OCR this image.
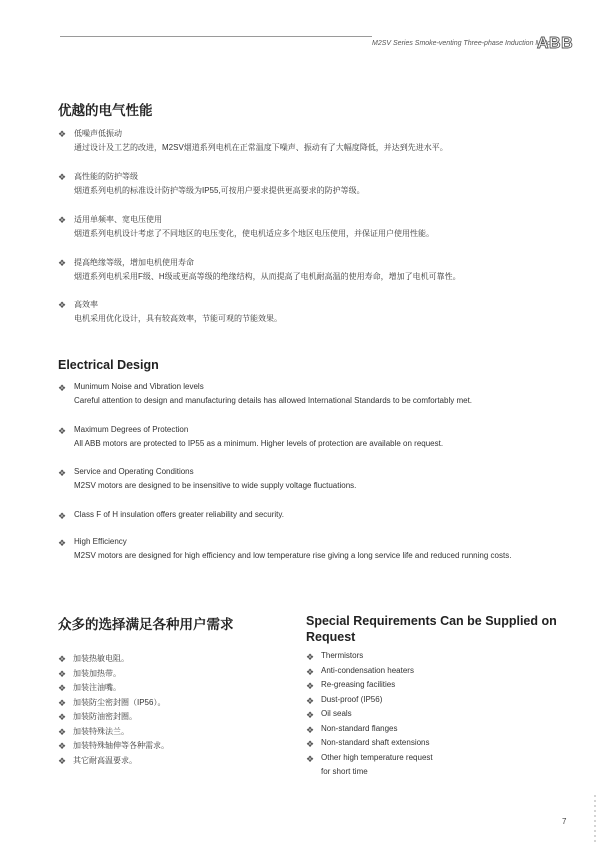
M2SV Series Smoke-venting Three-phase Induction Motors
ABB
优越的电气性能
❖ 低噪声低振动
通过设计及工艺的改进，M2SV烟道系列电机在正常温度下噪声、振动有了大幅度降低，并达到先进水平。
❖ 高性能的防护等级
烟道系列电机的标准设计防护等级为IP55,可按用户要求提供更高要求的防护等级。
❖ 适用单频率、宽电压使用
烟道系列电机设计考虑了不同地区的电压变化，使电机适应多个地区电压使用，并保证用户使用性能。
❖ 提高绝缘等级，增加电机使用寿命
烟道系列电机采用F级、H级或更高等级的绝缘结构，从而提高了电机耐高温的使用寿命，增加了电机可靠性。
❖ 高效率
电机采用优化设计，具有较高效率，节能可观的节能效果。
Electrical Design
❖ Munimum Noise and Vibration levels
Careful attention to design and manufacturing details has allowed International Standards to be comfortably met.
❖ Maximum Degrees of Protection
All ABB motors are protected to IP55 as a minimum. Higher levels of protection are available on request.
❖ Service and Operating Conditions
M2SV motors are designed to be insensitive to wide supply voltage fluctuations.
❖ Class F of H insulation offers greater reliability and security.
❖ High Efficiency
M2SV motors are designed for high efficiency and low temperature rise giving a long service life and reduced running costs.
众多的选择满足各种用户需求	Special Requirements Can be Supplied on Request
❖ 加装热敏电阻。
❖ 加装加热带。
❖ 加装注油嘴。
❖ 加装防尘密封圈（IP56）。
❖ 加装防油密封圈。
❖ 加装特殊法兰。
❖ 加装特殊轴伸等各种需求。
❖ 其它耐高温要求。
❖ Thermistors
❖ Anti-condensation heaters
❖ Re-greasing facilities
❖ Dust-proof (IP56)
❖ Oil seals
❖ Non-standard flanges
❖ Non-standard shaft extensions
❖ Other high temperature request
for short time
7
